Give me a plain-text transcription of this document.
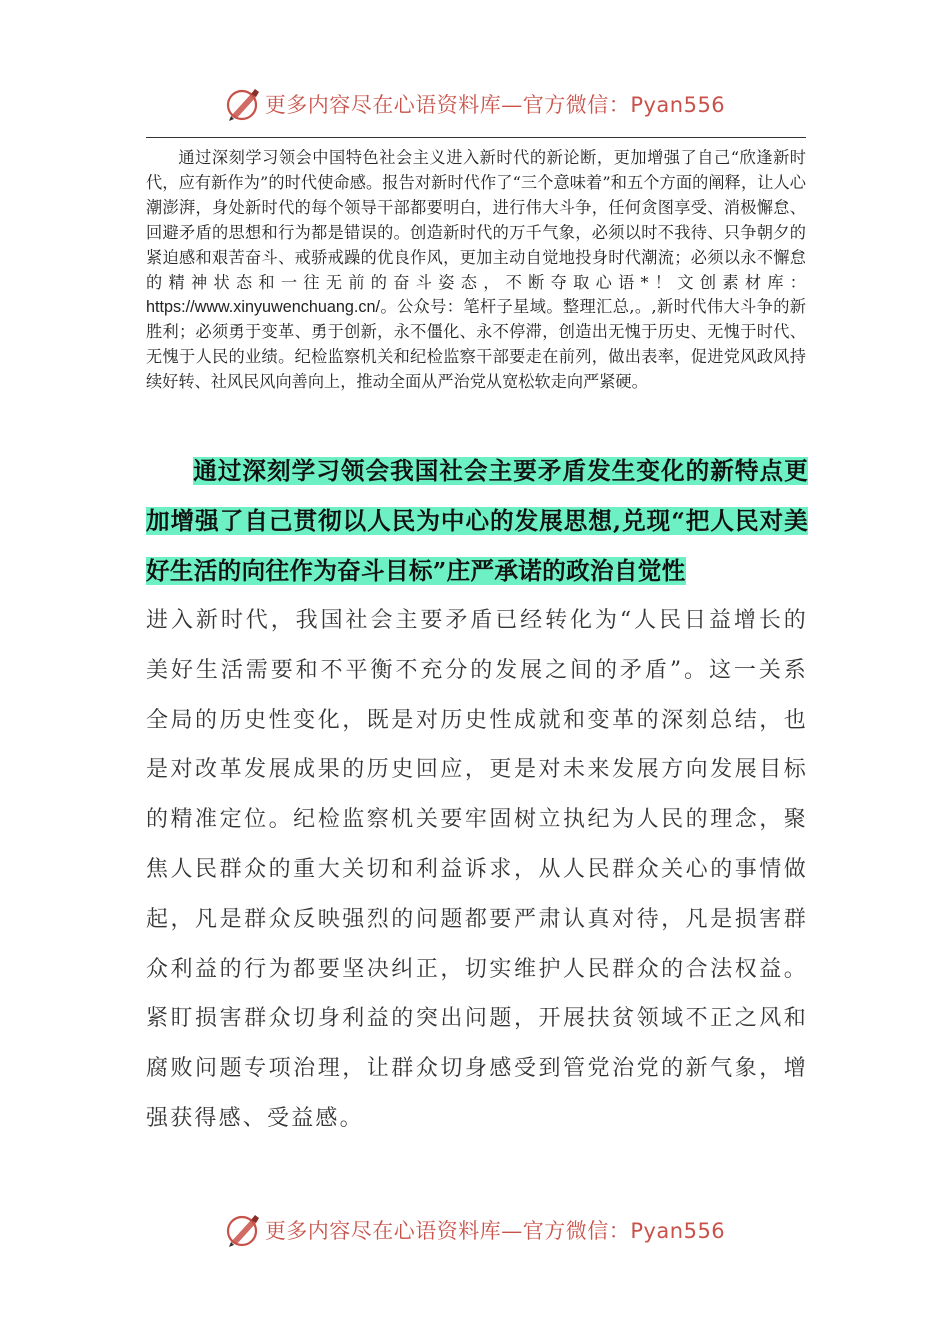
更多内容尽在心语资料库—官方微信：Pyan556

通过深刻学习领会中国特色社会主义进入新时代的新论断，更加增强了自己“欣逢新时代，应有新作为”的时代使命感。报告对新时代作了“三个意味着”和五个方面的阐释，让人心潮澎湃，身处新时代的每个领导干部都要明白，进行伟大斗争，任何贪图享受、消极懈怠、回避矛盾的思想和行为都是错误的。创造新时代的万千气象，必须以时不我待、只争朝夕的紧迫感和艰苦奋斗、戒骄戒躁的优良作风，更加主动自觉地投身时代潮流；必须以永不懈怠的精神状态和一往无前的奋斗姿态，不断夺取心语*！文创素材库：https://www.xinyuwenchuang.cn/。公众号：笔杆子星域。整理汇总,。,新时代伟大斗争的新胜利；必须勇于变革、勇于创新，永不僵化、永不停滞，创造出无愧于历史、无愧于时代、无愧于人民的业绩。纪检监察机关和纪检监察干部要走在前列，做出表率，促进党风政风持续好转、社风民风向善向上，推动全面从严治党从宽松软走向严紧硬。

通过深刻学习领会我国社会主要矛盾发生变化的新特点更加增强了自己贯彻以人民为中心的发展思想,兑现“把人民对美好生活的向往作为奋斗目标”庄严承诺的政治自觉性

进入新时代，我国社会主要矛盾已经转化为“人民日益增长的美好生活需要和不平衡不充分的发展之间的矛盾”。这一关系全局的历史性变化，既是对历史性成就和变革的深刻总结，也是对改革发展成果的历史回应，更是对未来发展方向发展目标的精准定位。纪检监察机关要牢固树立执纪为人民的理念，聚焦人民群众的重大关切和利益诉求，从人民群众关心的事情做起，凡是群众反映强烈的问题都要严肃认真对待，凡是损害群众利益的行为都要坚决纠正，切实维护人民群众的合法权益。紧盯损害群众切身利益的突出问题，开展扶贫领域不正之风和腐败问题专项治理，让群众切身感受到管党治党的新气象，增强获得感、受益感。

更多内容尽在心语资料库—官方微信：Pyan556
